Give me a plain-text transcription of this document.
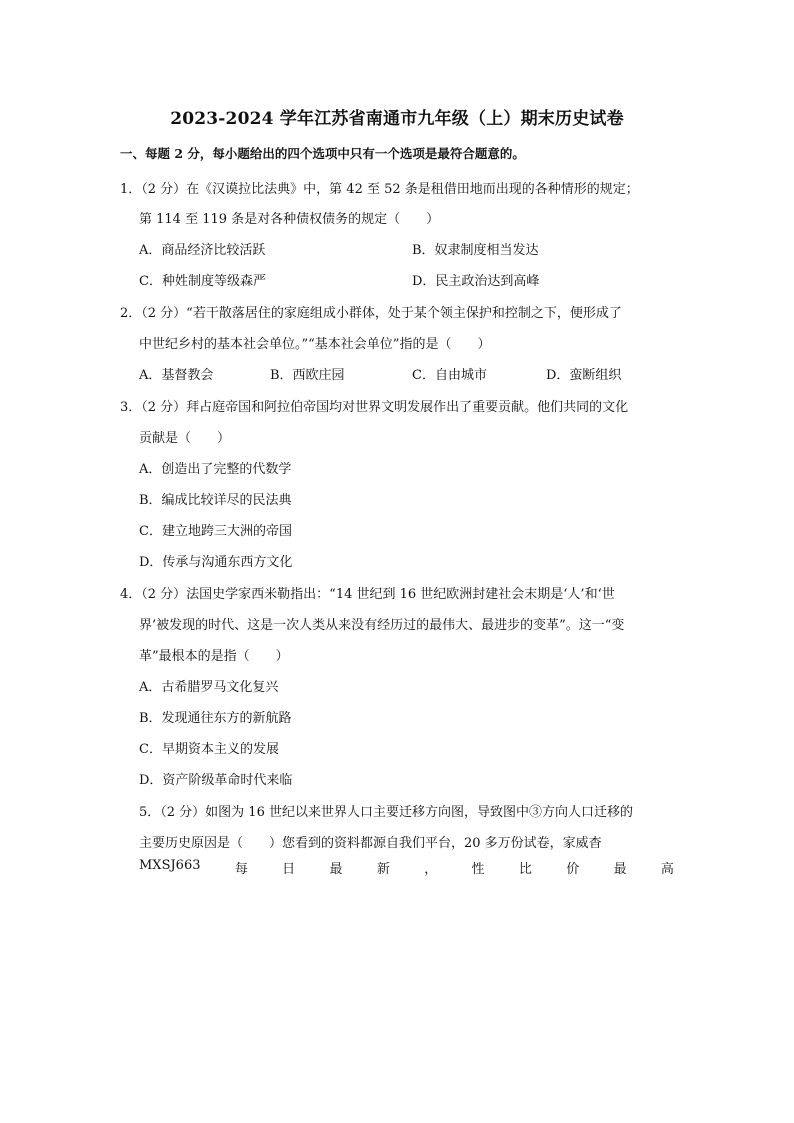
2023-2024 学年江苏省南通市九年级（上）期末历史试卷
一、每题 2 分，每小题给出的四个选项中只有一个选项是最符合题意的。
1．（2 分）在《汉谟拉比法典》中，第 42 至 52 条是租借田地而出现的各种情形的规定；
第 114 至 119 条是对各种债权债务的规定（　　）
A．商品经济比较活跃	B．奴隶制度相当发达
C．种姓制度等级森严	D．民主政治达到高峰
2．（2 分）“若干散落居住的家庭组成小群体，处于某个领主保护和控制之下，便形成了
中世纪乡村的基本社会单位。”“基本社会单位”指的是（　　）
A．基督教会	B．西欧庄园	C．自由城市	D．蛮断组织
3．（2 分）拜占庭帝国和阿拉伯帝国均对世界文明发展作出了重要贡献。他们共同的文化
贡献是（　　）
A．创造出了完整的代数学
B．编成比较详尽的民法典
C．建立地跨三大洲的帝国
D．传承与沟通东西方文化
4．（2 分）法国史学家西米勒指出：“14 世纪到 16 世纪欧洲封建社会末期是‘人’和‘世
界’被发现的时代、这是一次人类从来没有经历过的最伟大、最进步的变革”。这一“变
革”最根本的是指（　　）
A．古希腊罗马文化复兴
B．发现通往东方的新航路
C．早期资本主义的发展
D．资产阶级革命时代来临
5．（2 分）如图为 16 世纪以来世界人口主要迁移方向图，导致图中③方向人口迁移的
主要历史原因是（　　）您看到的资料都源自我们平台，20 多万份试卷，家威杳
MXSJ663	每	日	最	新	，	性	比	价	最	高
